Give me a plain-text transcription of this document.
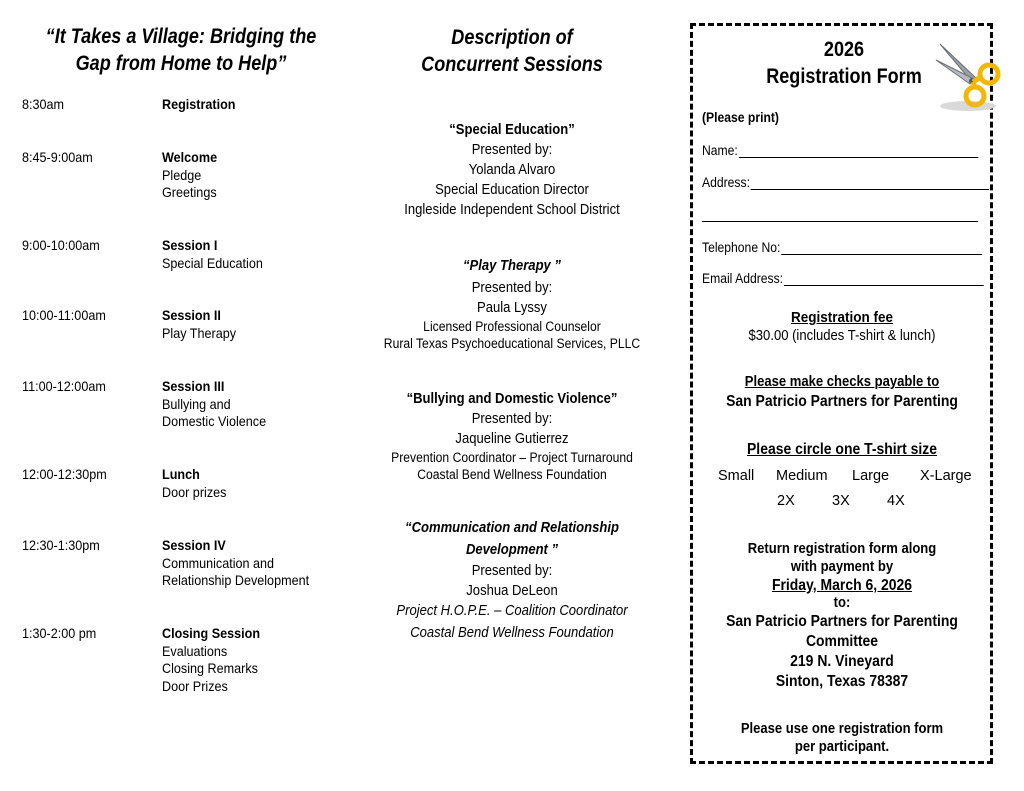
“It Takes a Village: Bridging the
Gap from Home to Help”
8:30am	Registration
8:45-9:00am	Welcome
Pledge
Greetings
9:00-10:00am	Session I
Special Education
10:00-11:00am	Session II
Play Therapy
11:00-12:00am	Session III
Bullying and
Domestic Violence
12:00-12:30pm	Lunch
Door prizes
12:30-1:30pm	Session IV
Communication and
Relationship Development
1:30-2:00 pm	Closing Session
Evaluations
Closing Remarks
Door Prizes
Description of
Concurrent Sessions
“Special Education”
Presented by:
Yolanda Alvaro
Special Education Director
Ingleside Independent School District
“Play Therapy ”
Presented by:
Paula Lyssy
Licensed Professional Counselor
Rural Texas Psychoeducational Services, PLLC
“Bullying and Domestic Violence”
Presented by:
Jaqueline Gutierrez
Prevention Coordinator – Project Turnaround
Coastal Bend Wellness Foundation
“Communication and Relationship
Development ”
Presented by:
Joshua DeLeon
Project H.O.P.E. – Coalition Coordinator
Coastal Bend Wellness Foundation
2026
Registration Form
(Please print)
Name:
Address:
Telephone No:
Email Address:
Registration fee
$30.00 (includes T-shirt & lunch)
Please make checks payable to
San Patricio Partners for Parenting
Please circle one T-shirt size
Small Medium Large X-Large
2X	3X	4X
Return registration form along
with payment by
Friday, March 6, 2026
to:
San Patricio Partners for Parenting
Committee
219 N. Vineyard
Sinton, Texas 78387
Please use one registration form
per participant.
